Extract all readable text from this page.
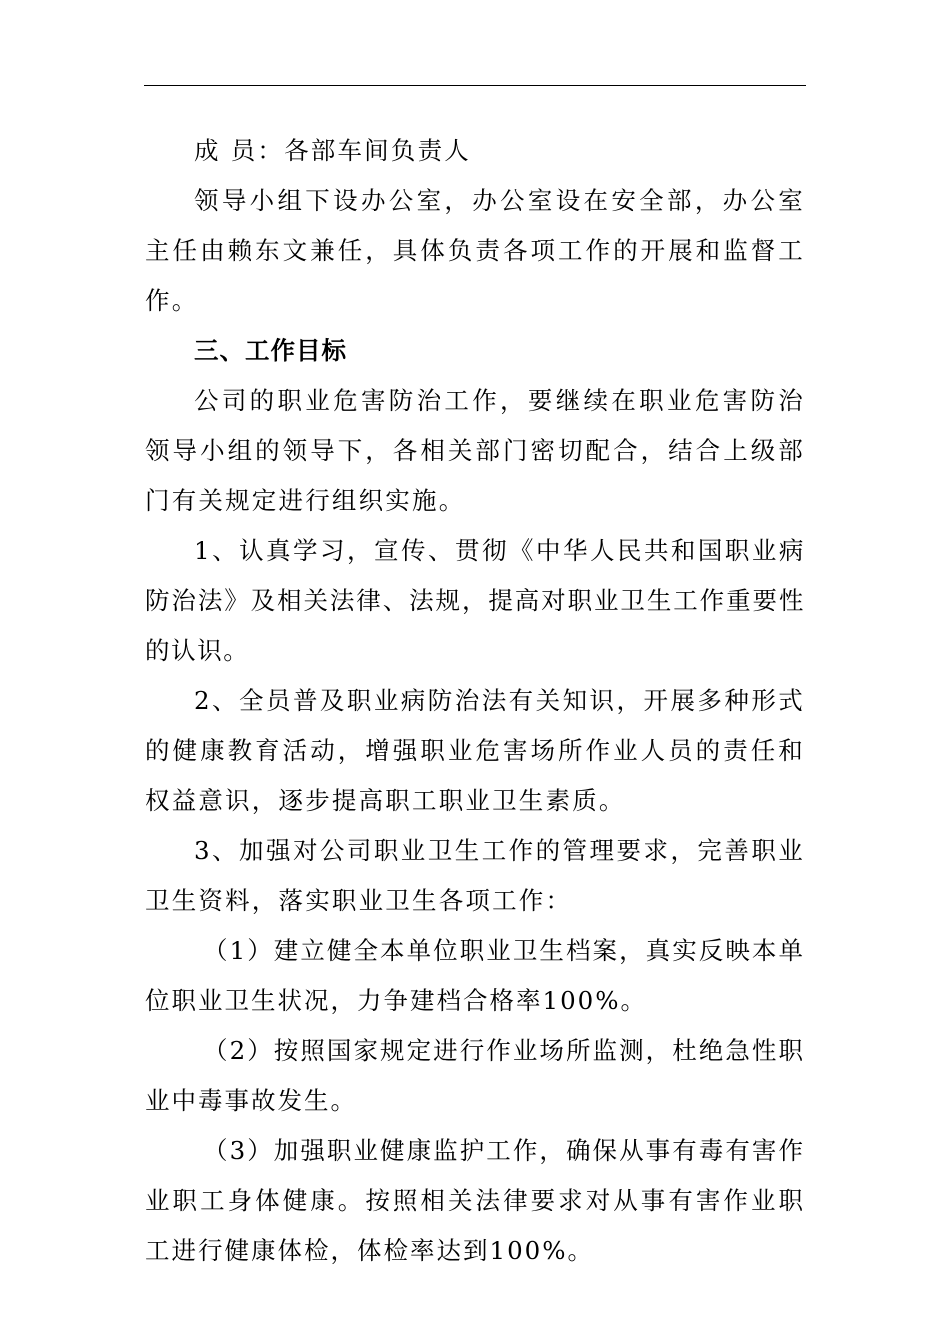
成 员：各部车间负责人

领导小组下设办公室，办公室设在安全部，办公室主任由赖东文兼任，具体负责各项工作的开展和监督工作。

三、工作目标

公司的职业危害防治工作，要继续在职业危害防治领导小组的领导下，各相关部门密切配合，结合上级部门有关规定进行组织实施。

1、认真学习，宣传、贯彻《中华人民共和国职业病防治法》及相关法律、法规，提高对职业卫生工作重要性的认识。

2、全员普及职业病防治法有关知识，开展多种形式的健康教育活动，增强职业危害场所作业人员的责任和权益意识，逐步提高职工职业卫生素质。

3、加强对公司职业卫生工作的管理要求，完善职业卫生资料，落实职业卫生各项工作：

（1）建立健全本单位职业卫生档案，真实反映本单位职业卫生状况，力争建档合格率100%。

（2）按照国家规定进行作业场所监测，杜绝急性职业中毒事故发生。

（3）加强职业健康监护工作，确保从事有毒有害作业职工身体健康。按照相关法律要求对从事有害作业职工进行健康体检，体检率达到100%。
